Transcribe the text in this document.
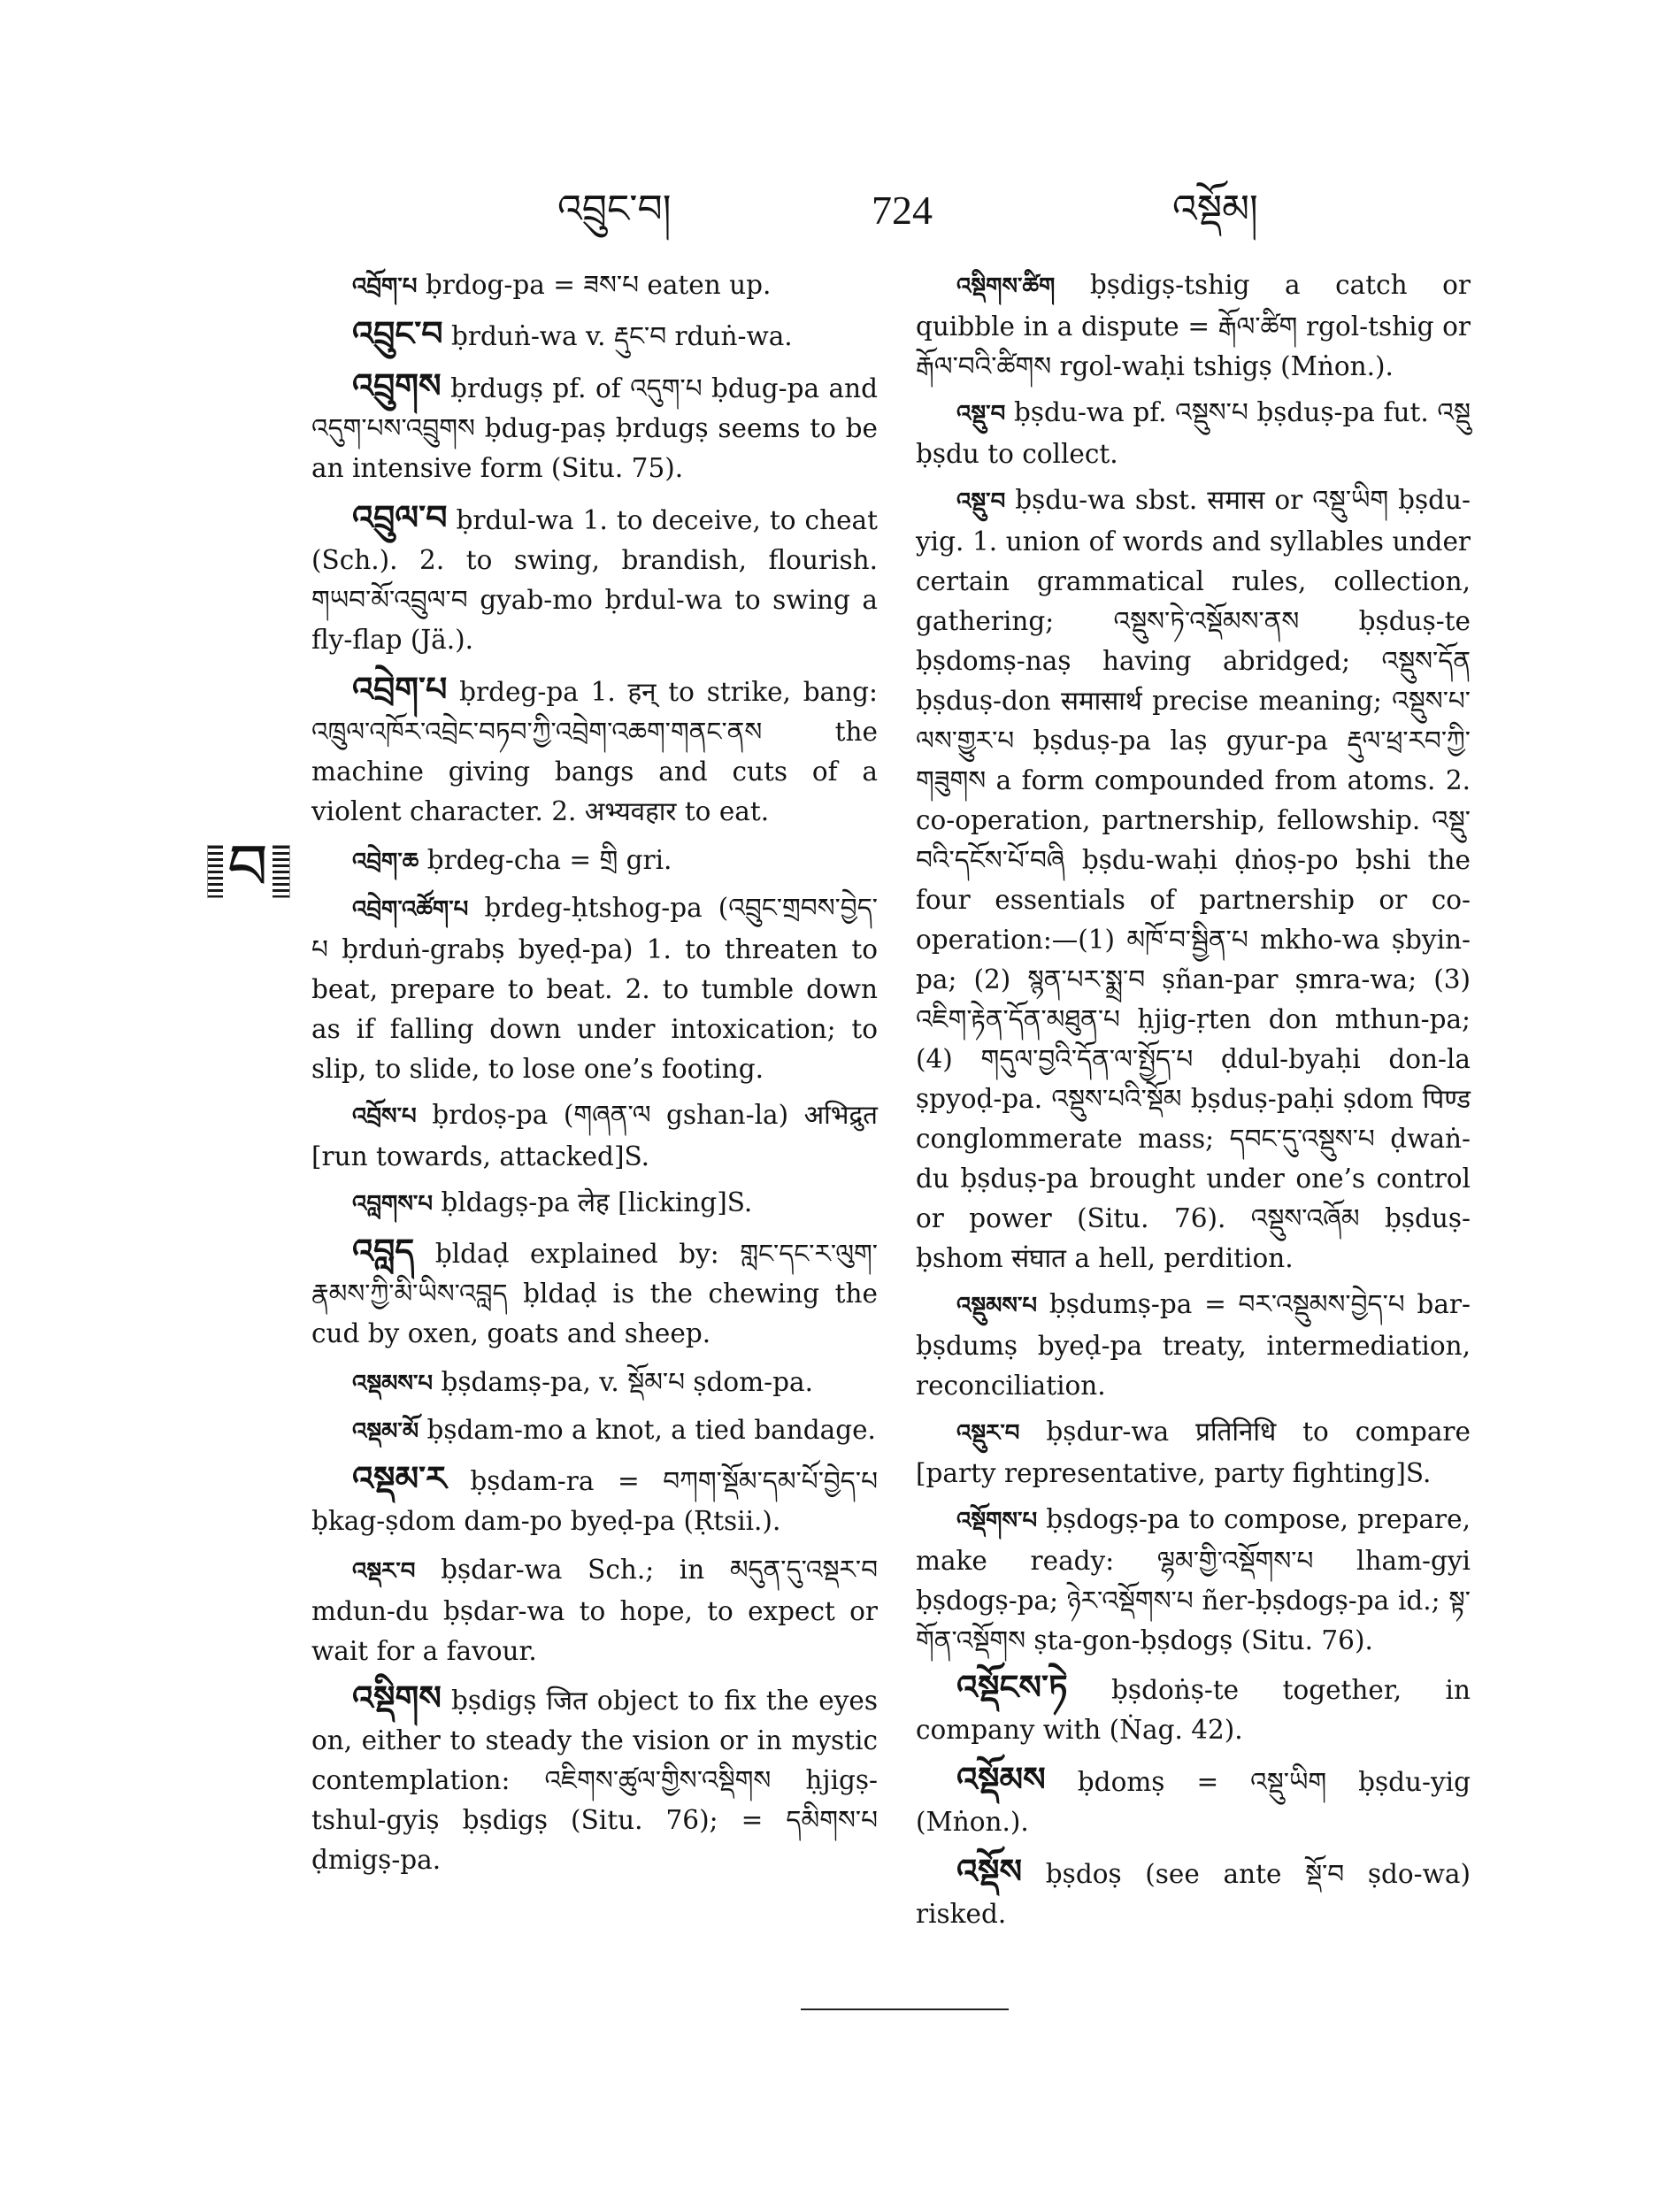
འབྲུང་བ།	724	འསྡོམ།
བ

འབྲོག་པ ḅrdog-pa = ཟས་པ eaten up.

འབྲུང་བ ḅrduṅ-wa v. རྡུང་བ rduṅ-wa.

འབྲུགས ḅrdugṣ pf. of འདུག་པ ḅdug-pa and འདུག་པས་འབྲུགས ḅdug-paṣ ḅrdugṣ seems to be an intensive form (Situ. 75).

འབྲུལ་བ ḅrdul-wa 1. to deceive, to cheat (Sch.). 2. to swing, brandish, flourish. གཡབ་མོ་འབྲུལ་བ gyab-mo ḅrdul-wa to swing a fly-flap (Jä.).

འབྲེག་པ ḅrdeg-pa 1. हन् to strike, bang: འཁྲུལ་འཁོར་འབྲེང་བཏབ་ཀྱི་འབྲེག་འཆག་གནང་ནས the machine giving bangs and cuts of a violent character. 2. अभ्यवहार to eat.

འབྲེག་ཆ ḅrdeg-cha = གྲི gri.

འབྲེག་འཚོག་པ ḅrdeg-ḥtshog-pa (འབྲུང་གྲབས་བྱེད་པ ḅrduṅ-grabṣ byeḍ-pa) 1. to threaten to beat, prepare to beat. 2. to tumble down as if falling down under intoxication; to slip, to slide, to lose one’s footing.

འབྲོས་པ ḅrdoṣ-pa (གཞན་ལ gshan-la) अभिद्रुत [run towards, attacked]S.

འབླགས་པ ḅldagṣ-pa लेह [licking]S.

འབླད ḅldaḍ explained by: གླང་དང་ར་ལུག་རྣམས་ཀྱི་མི་ཡིས་འབླད ḅldaḍ is the chewing the cud by oxen, goats and sheep.

འསྡམས་པ ḅṣdamṣ-pa, v. སྡོམ་པ ṣdom-pa.

འསྡམ་མོ ḅṣdam-mo a knot, a tied bandage.

འསྡམ་ར ḅṣdam-ra = བཀག་སྡོམ་དམ་པོ་བྱེད་པ ḅkag-ṣdom dam-po byeḍ-pa (Ṛtsii.).

འསྡར་བ ḅṣdar-wa Sch.; in མདུན་དུ་འསྡར་བ mdun-du ḅṣdar-wa to hope, to expect or wait for a favour.

འསྡིགས ḅṣdigṣ जित object to fix the eyes on, either to steady the vision or in mystic contemplation: འཇིགས་ཚུལ་གྱིས་འསྡིགས ḥjigṣ-tshul-gyiṣ ḅṣdigṣ (Situ. 76); = དམིགས་པ ḍmigṣ-pa.

འསྡིགས་ཚིག ḅṣdigṣ-tshig a catch or quibble in a dispute = རྒོལ་ཚིག rgol-tshig or རྒོལ་བའི་ཚིགས rgol-waḥi tshigṣ (Mṅon.).

འསྡུ་བ ḅṣdu-wa pf. འསྡུས་པ ḅṣduṣ-pa fut. འསྡུ ḅṣdu to collect.

འསྡུ་བ ḅṣdu-wa sbst. समास or འསྡུ་ཡིག ḅṣdu-yig. 1. union of words and syllables under certain grammatical rules, collection, gathering; འསྡུས་ཏེ་འསྡོམས་ནས ḅṣduṣ-te ḅṣdomṣ-naṣ having abridged; འསྡུས་དོན ḅṣduṣ-don समासार्थ precise meaning; འསྡུས་པ་ལས་གྱུར་པ ḅṣduṣ-pa laṣ gyur-pa རྡུལ་ཕྲ་རབ་ཀྱི་གཟུགས a form compounded from atoms. 2. co-operation, partnership, fellowship. འསྡུ་བའི་དངོས་པོ་བཞི ḅṣdu-waḥi ḍṅoṣ-po ḅshi the four essentials of partnership or co-operation:—(1) མཁོ་བ་སྦྱིན་པ mkho-wa ṣbyin-pa; (2) སྙན་པར་སྨྲ་བ ṣñan-par ṣmra-wa; (3) འཇིག་རྟེན་དོན་མཐུན་པ ḥjig-ṛten don mthun-pa; (4) གདུལ་བྱའི་དོན་ལ་སྤྱོད་པ ḍdul-byaḥi don-la ṣpyoḍ-pa. འསྡུས་པའི་སྡོམ ḅṣduṣ-paḥi ṣdom पिण्ड conglommerate mass; དབང་དུ་འསྡུས་པ ḍwaṅ-du ḅṣduṣ-pa brought under one’s control or power (Situ. 76). འསྡུས་འཞོམ ḅṣduṣ-ḅshom संघात a hell, perdition.

འསྡུམས་པ ḅṣdumṣ-pa = བར་འསྡུམས་བྱེད་པ bar-ḅṣdumṣ byeḍ-pa treaty, intermediation, reconciliation.

འསྡུར་བ ḅṣdur-wa प्रतिनिधि to compare [party representative, party fighting]S.

འསྡོགས་པ ḅṣdogṣ-pa to compose, prepare, make ready: ལྷམ་གྱི་འསྡོགས་པ lham-gyi ḅṣdogṣ-pa; ཉེར་འསྡོགས་པ ñer-ḅṣdogṣ-pa id.; སྟ་གོན་འསྡོགས ṣta-gon-ḅṣdogṣ (Situ. 76).

འསྡོངས་ཏེ ḅṣdoṅṣ-te together, in company with (Ṅag. 42).

འསྡོམས ḅdomṣ = འསྡུ་ཡིག ḅṣdu-yig (Mṅon.).

འསྡོས ḅṣdoṣ (see ante སྡོ་བ ṣdo-wa) risked.
